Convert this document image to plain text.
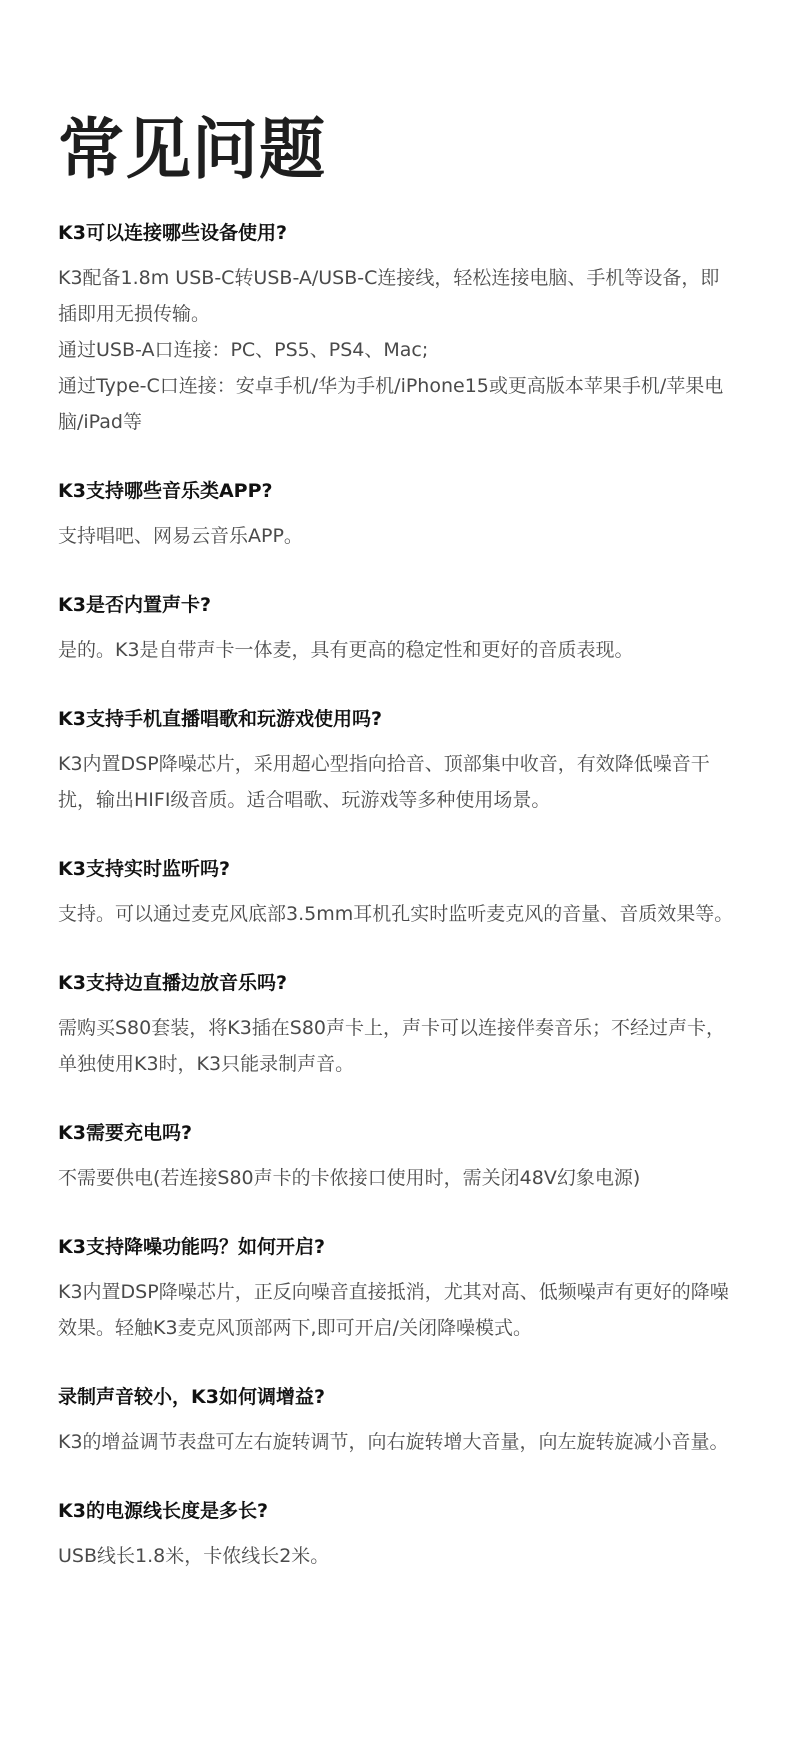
常见问题

K3可以连接哪些设备使用?

K3配备1.8m USB-C转USB-A/USB-C连接线，轻松连接电脑、手机等设备，即插即用无损传输。

通过USB-A口连接：PC、PS5、PS4、Mac;

通过Type-C口连接：安卓手机/华为手机/iPhone15或更高版本苹果手机/苹果电脑/iPad等

K3支持哪些音乐类APP?

支持唱吧、网易云音乐APP。

K3是否内置声卡?

是的。K3是自带声卡一体麦，具有更高的稳定性和更好的音质表现。

K3支持手机直播唱歌和玩游戏使用吗?

K3内置DSP降噪芯片，采用超心型指向拾音、顶部集中收音，有效降低噪音干扰，输出HIFI级音质。适合唱歌、玩游戏等多种使用场景。

K3支持实时监听吗?

支持。可以通过麦克风底部3.5mm耳机孔实时监听麦克风的音量、音质效果等。

K3支持边直播边放音乐吗?

需购买S80套装，将K3插在S80声卡上，声卡可以连接伴奏音乐；不经过声卡，单独使用K3时，K3只能录制声音。

K3需要充电吗?

不需要供电(若连接S80声卡的卡侬接口使用时，需关闭48V幻象电源)

K3支持降噪功能吗？如何开启?

K3内置DSP降噪芯片，正反向噪音直接抵消，尤其对高、低频噪声有更好的降噪效果。轻触K3麦克风顶部两下,即可开启/关闭降噪模式。

录制声音较小，K3如何调增益?

K3的增益调节表盘可左右旋转调节，向右旋转增大音量，向左旋转旋减小音量。

K3的电源线长度是多长?

USB线长1.8米，卡侬线长2米。
